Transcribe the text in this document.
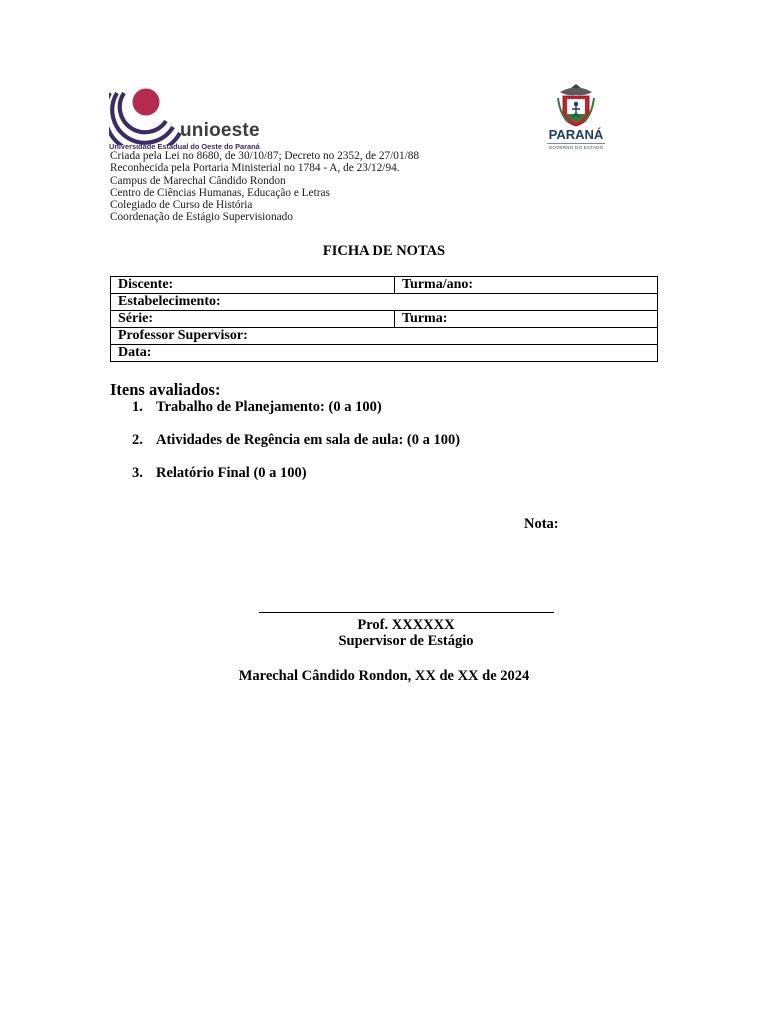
unioeste
Universidade Estadual do Oeste do Paraná
PARANÁ
GOVERNO DO ESTADO
Criada pela Lei no 8680, de 30/10/87; Decreto no 2352, de 27/01/88
Reconhecida pela Portaria Ministerial no 1784 - A, de 23/12/94.
Campus de Marechal Cândido Rondon
Centro de Ciências Humanas, Educação e Letras
Colegiado de Curso de História
Coordenação de Estágio Supervisionado
FICHA DE NOTAS
Discente:	Turma/ano:
Estabelecimento:	
Série:	Turma:
Professor Supervisor:	
Data:	
Itens avaliados:
1. Trabalho de Planejamento: (0 a 100)
2. Atividades de Regência em sala de aula: (0 a 100)
3. Relatório Final (0 a 100)
Nota:
Prof. XXXXXX
Supervisor de Estágio
Marechal Cândido Rondon, XX de XX de 2024
